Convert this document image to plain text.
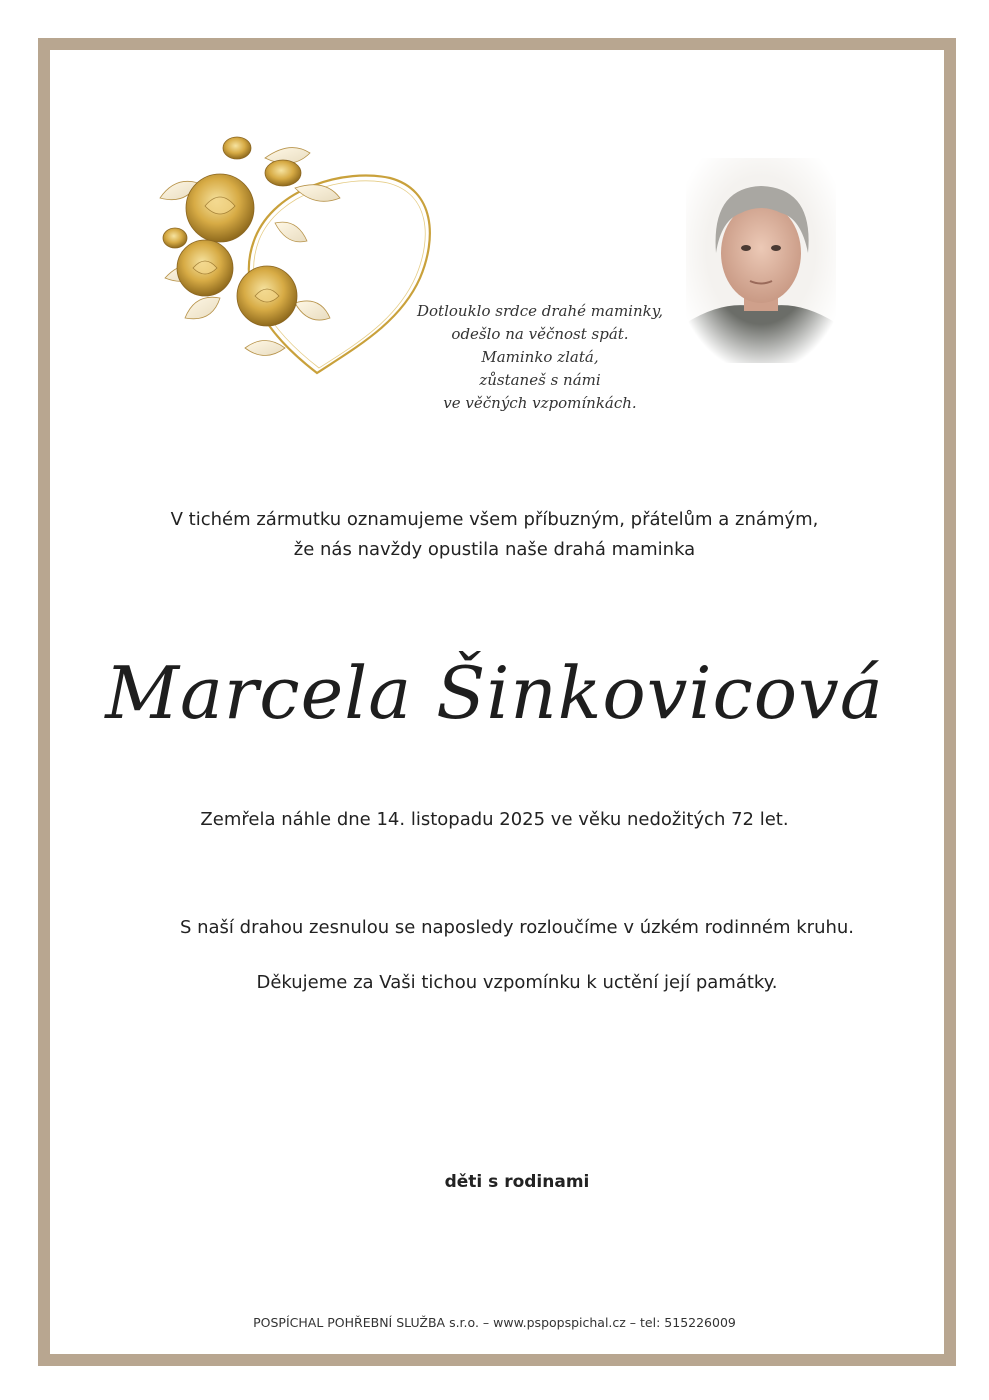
Dotlouklo srdce drahé maminky,
odešlo na věčnost spát.
Maminko zlatá,
zůstaneš s námi
ve věčných vzpomínkách.
V tichém zármutku oznamujeme všem příbuzným, přátelům a známým,
že nás navždy opustila naše drahá maminka
Marcela Šinkovicová
Zemřela náhle dne 14. listopadu 2025 ve věku nedožitých 72 let.
S naší drahou zesnulou se naposledy rozloučíme v úzkém rodinném kruhu.
Děkujeme za Vaši tichou vzpomínku k uctění její památky.
děti s rodinami
POSPÍCHAL POHŘEBNÍ SLUŽBA s.r.o. – www.pspopspichal.cz – tel: 515226009
